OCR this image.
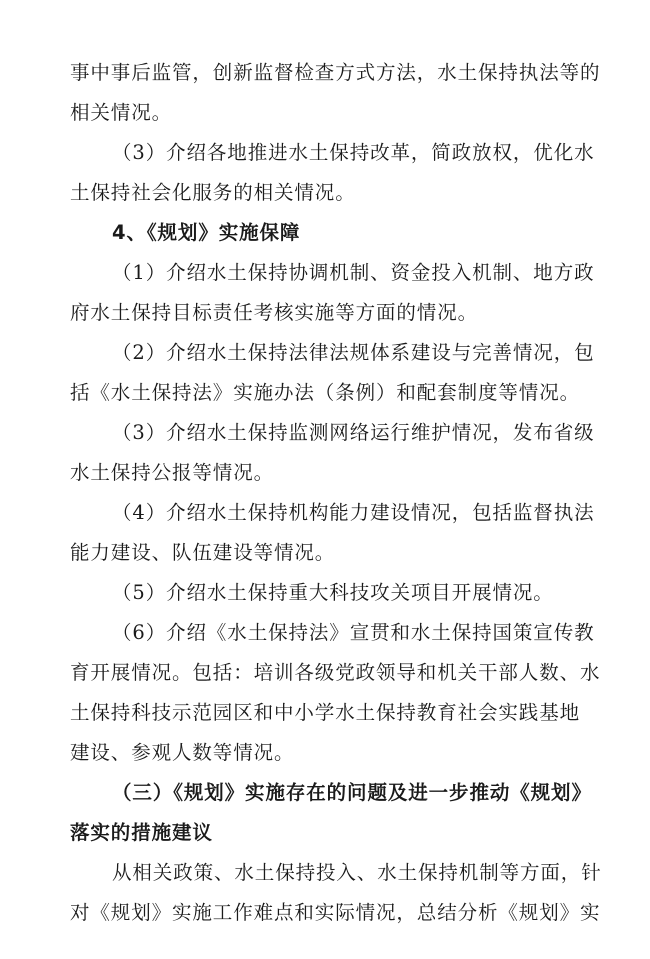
事中事后监管，创新监督检查方式方法，水土保持执法等的
相关情况。
（3）介绍各地推进水土保持改革，简政放权，优化水
土保持社会化服务的相关情况。
4、《规划》实施保障
（1）介绍水土保持协调机制、资金投入机制、地方政
府水土保持目标责任考核实施等方面的情况。
（2）介绍水土保持法律法规体系建设与完善情况，包
括《水土保持法》实施办法（条例）和配套制度等情况。
（3）介绍水土保持监测网络运行维护情况，发布省级
水土保持公报等情况。
（4）介绍水土保持机构能力建设情况，包括监督执法
能力建设、队伍建设等情况。
（5）介绍水土保持重大科技攻关项目开展情况。
（6）介绍《水土保持法》宣贯和水土保持国策宣传教
育开展情况。包括：培训各级党政领导和机关干部人数、水
土保持科技示范园区和中小学水土保持教育社会实践基地
建设、参观人数等情况。
（三）《规划》实施存在的问题及进一步推动《规划》
落实的措施建议
从相关政策、水土保持投入、水土保持机制等方面，针
对《规划》实施工作难点和实际情况，总结分析《规划》实
